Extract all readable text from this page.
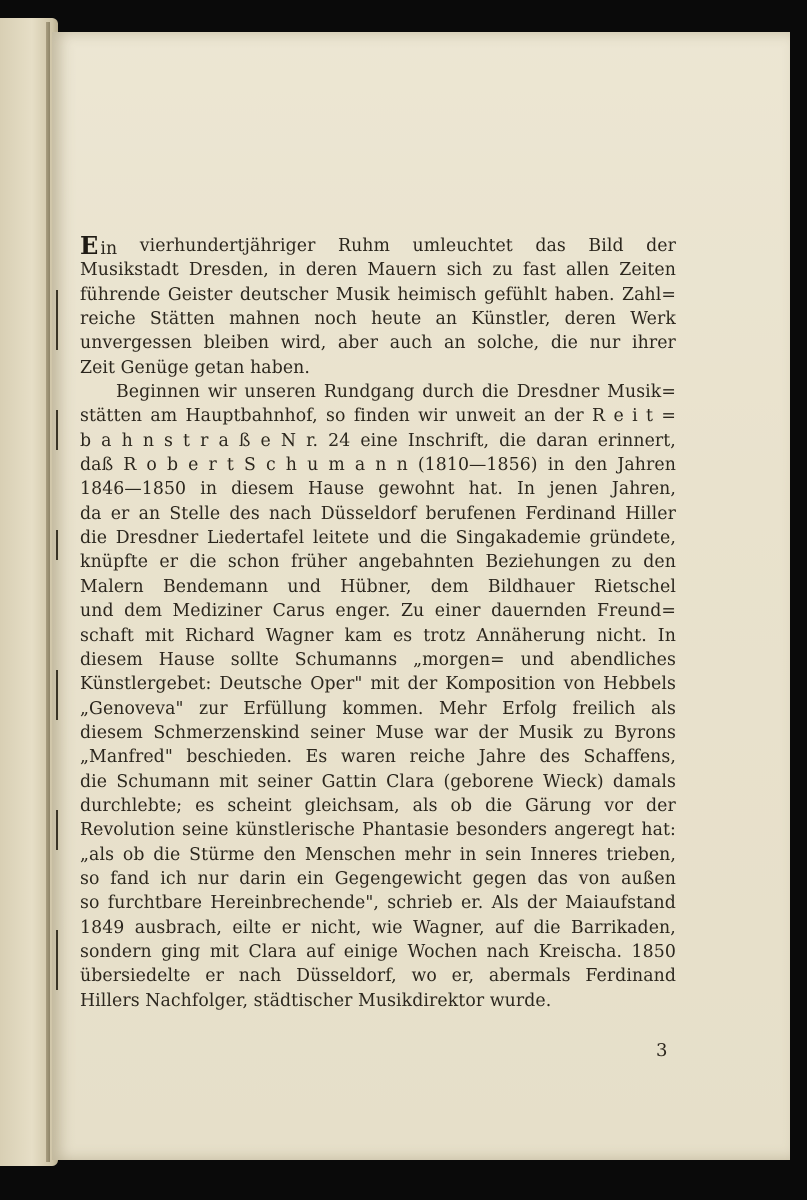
E in vierhundertjähriger Ruhm umleuchtet das Bild der
Musikstadt Dresden, in deren Mauern sich zu fast allen Zeiten
führende Geister deutscher Musik heimisch gefühlt haben. Zahl=
reiche Stätten mahnen noch heute an Künstler, deren Werk
unvergessen bleiben wird, aber auch an solche, die nur ihrer
Zeit Genüge getan haben.
Beginnen wir unseren Rundgang durch die Dresdner Musik=
stätten am Hauptbahnhof, so finden wir unweit an der R e i t =
b a h n s t r a ß e N r. 24 eine Inschrift, die daran erinnert,
daß R o b e r t S c h u m a n n (1810—1856) in den Jahren
1846—1850 in diesem Hause gewohnt hat. In jenen Jahren,
da er an Stelle des nach Düsseldorf berufenen Ferdinand Hiller
die Dresdner Liedertafel leitete und die Singakademie gründete,
knüpfte er die schon früher angebahnten Beziehungen zu den
Malern Bendemann und Hübner, dem Bildhauer Rietschel
und dem Mediziner Carus enger. Zu einer dauernden Freund=
schaft mit Richard Wagner kam es trotz Annäherung nicht. In
diesem Hause sollte Schumanns „morgen= und abendliches
Künstlergebet: Deutsche Oper" mit der Komposition von Hebbels
„Genoveva" zur Erfüllung kommen. Mehr Erfolg freilich als
diesem Schmerzenskind seiner Muse war der Musik zu Byrons
„Manfred" beschieden. Es waren reiche Jahre des Schaffens,
die Schumann mit seiner Gattin Clara (geborene Wieck) damals
durchlebte; es scheint gleichsam, als ob die Gärung vor der
Revolution seine künstlerische Phantasie besonders angeregt hat:
„als ob die Stürme den Menschen mehr in sein Inneres trieben,
so fand ich nur darin ein Gegengewicht gegen das von außen
so furchtbare Hereinbrechende", schrieb er. Als der Maiaufstand
1849 ausbrach, eilte er nicht, wie Wagner, auf die Barrikaden,
sondern ging mit Clara auf einige Wochen nach Kreischa. 1850
übersiedelte er nach Düsseldorf, wo er, abermals Ferdinand
Hillers Nachfolger, städtischer Musikdirektor wurde.
3
